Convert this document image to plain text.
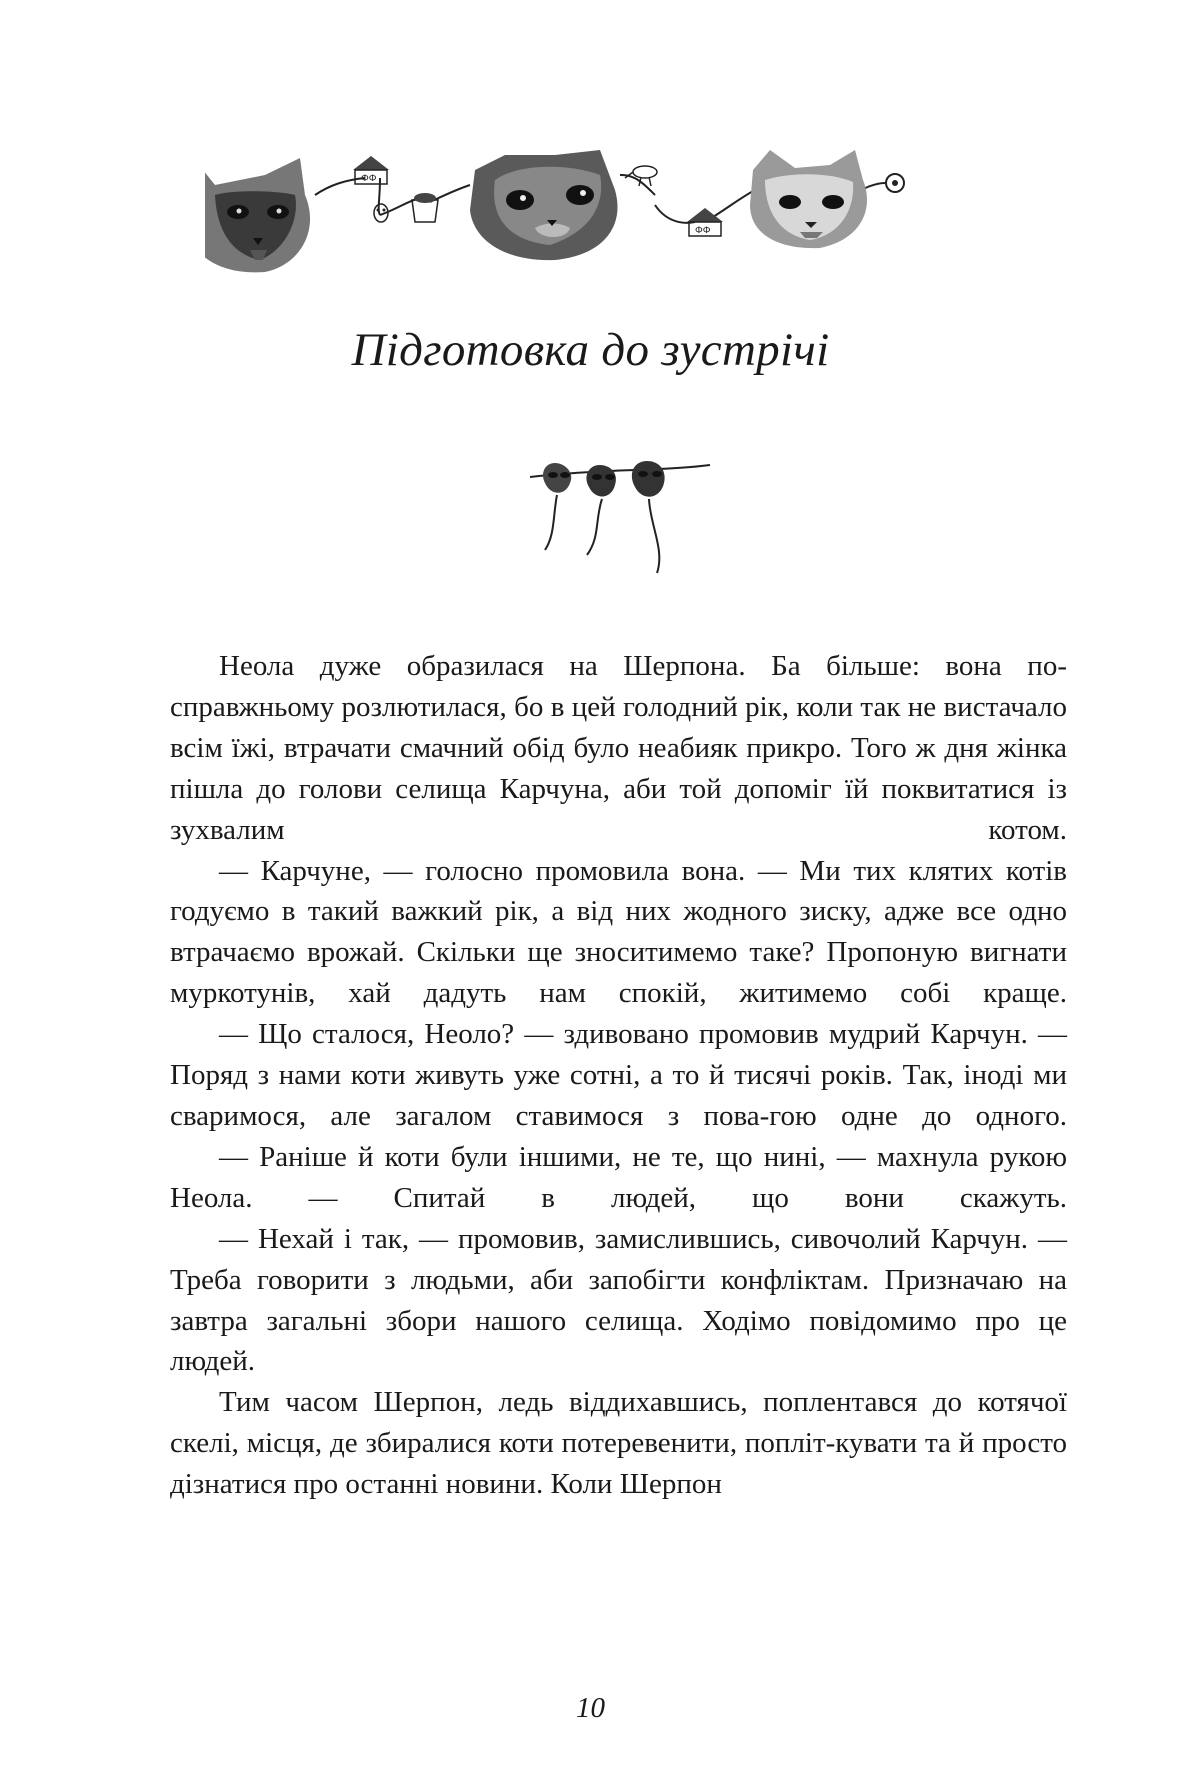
ФФ
ФФ
Підготовка до зустрічі

Неола дуже образилася на Шерпона. Ба більше: вона по-справжньому розлютилася, бо в цей голодний рік, коли так не вистачало всім їжі, втрачати смачний обід було неабияк прикро. Того ж дня жінка пішла до голови селища Карчуна, аби той допоміг їй поквитатися із зухвалим котом.

— Карчуне, — голосно промовила вона. — Ми тих клятих котів годуємо в такий важкий рік, а від них жодного зиску, адже все одно втрачаємо врожай. Скільки ще зноситимемо таке? Пропоную вигнати муркотунів, хай дадуть нам спокій, житимемо собі краще.

— Що сталося, Неоло? — здивовано промовив мудрий Карчун. — Поряд з нами коти живуть уже сотні, а то й тисячі років. Так, іноді ми сваримося, але загалом ставимося з пова-гою одне до одного.

— Раніше й коти були іншими, не те, що нині, — махнула рукою Неола. — Спитай в людей, що вони скажуть.

— Нехай і так, — промовив, замислившись, сивочолий Карчун. — Треба говорити з людьми, аби запобігти конфліктам. Призначаю на завтра загальні збори нашого селища. Ходімо повідомимо про це людей.

Тим часом Шерпон, ледь віддихавшись, поплентався до котячої скелі, місця, де збиралися коти потеревенити, попліт-кувати та й просто дізнатися про останні новини. Коли Шерпон

10
